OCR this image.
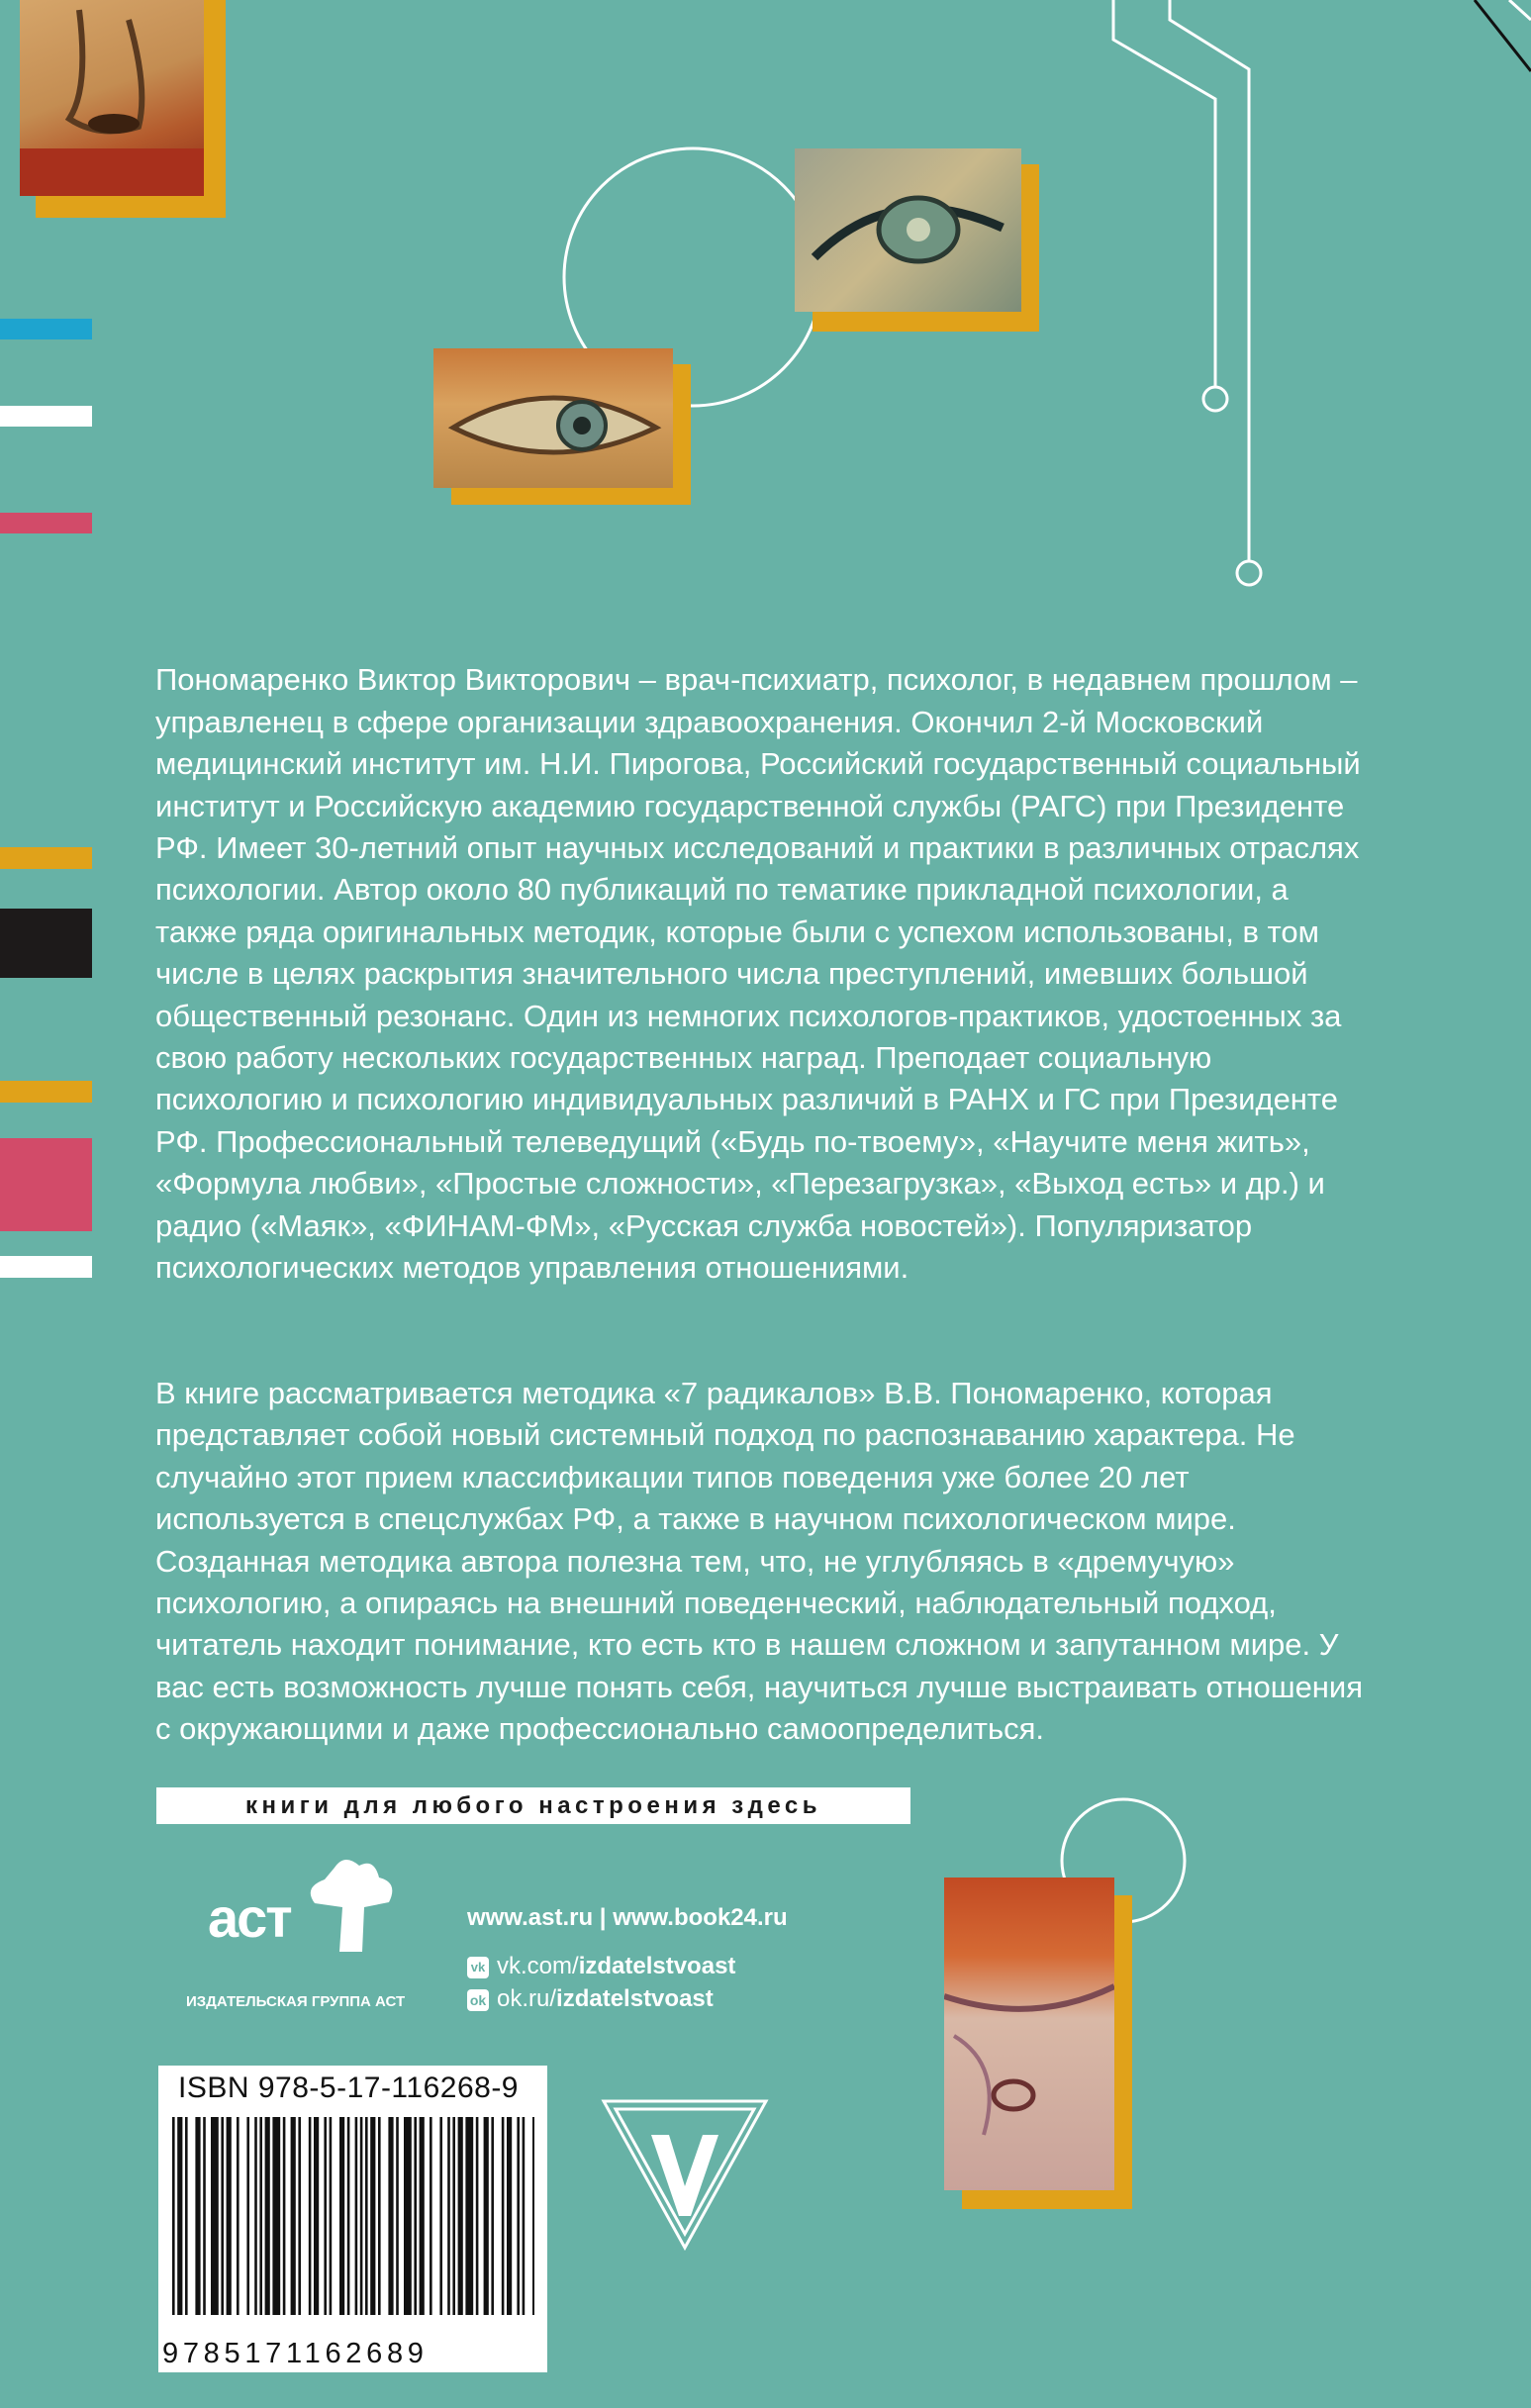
Пономаренко Виктор Викторович – врач-психиатр, психолог, в недавнем прошлом – управленец в сфере организации здравоохранения. Окончил 2-й Московский медицинский институт им. Н.И. Пирогова, Российский государственный социальный институт и Российскую академию государственной службы (РАГС) при Президенте РФ. Имеет 30-летний опыт научных исследований и практики в различных отраслях психологии. Автор около 80 публикаций по тематике прикладной психологии, а также ряда оригинальных методик, которые были с успехом использованы, в том числе в целях раскрытия значительного числа преступлений, имевших большой общественный резонанс. Один из немногих психологов-практиков, удостоенных за свою работу нескольких государственных наград. Преподает социальную психологию и психологию индивидуальных различий в РАНХ и ГС при Президенте РФ. Профессиональный телеведущий («Будь по-твоему», «Научите меня жить», «Формула любви», «Простые сложности», «Перезагрузка», «Выход есть» и др.) и радио («Маяк», «ФИНАМ-ФМ», «Русская служба новостей»). Популяризатор психологических методов управления отношениями.

В книге рассматривается методика «7 радикалов» В.В. Пономаренко, которая представляет собой новый системный подход по распознаванию характера. Не случайно этот прием классификации типов поведения уже более 20 лет используется в спецслужбах РФ, а также в научном психологическом мире. Созданная методика автора полезна тем, что, не углубляясь в «дремучую» психологию, а опираясь на внешний поведенческий, наблюдательный подход, читатель находит понимание, кто есть кто в нашем сложном и запутанном мире. У вас есть возможность лучше понять себя, научиться лучше выстраивать отношения с окружающими и даже профессионально самоопределиться.

книги для любого настроения здесь
аст
ИЗДАТЕЛЬСКАЯ ГРУППА АСТ
www.ast.ru | www.book24.ru
vk vk.com/izdatelstvoast
ok ok.ru/izdatelstvoast
ISBN 978-5-17-116268-9
9785171162689
